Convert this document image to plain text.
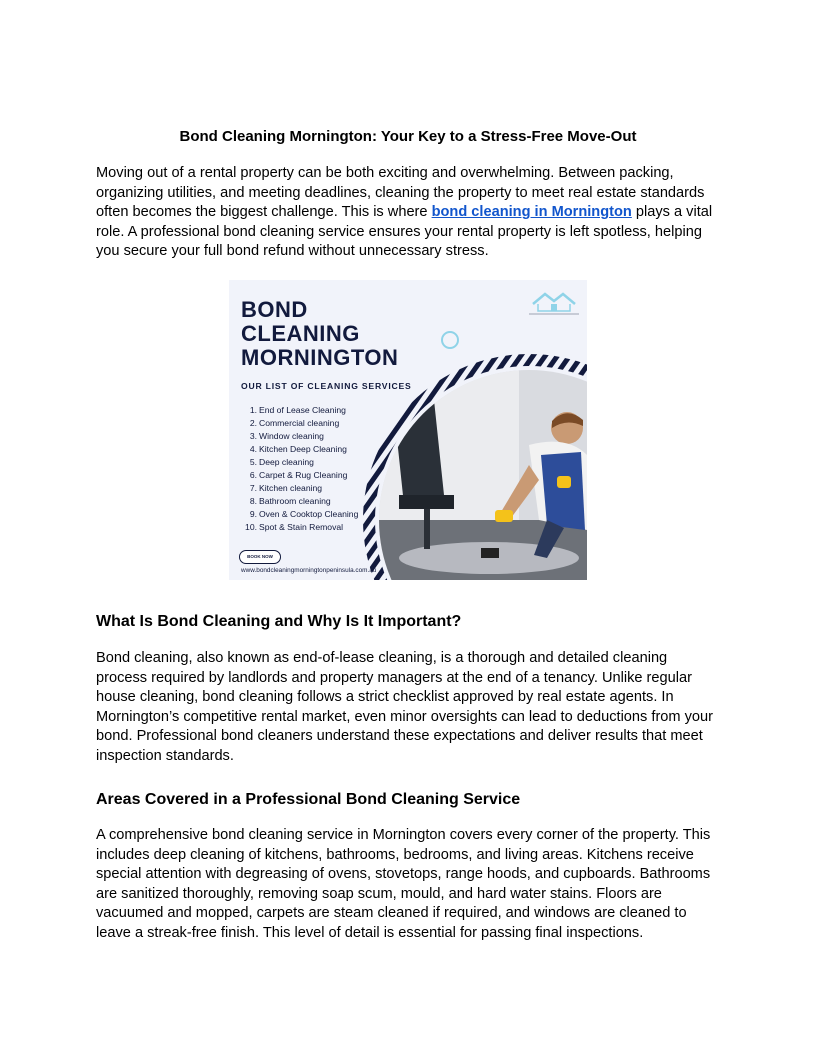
Bond Cleaning Mornington: Your Key to a Stress-Free Move-Out

Moving out of a rental property can be both exciting and overwhelming. Between packing, organizing utilities, and meeting deadlines, cleaning the property to meet real estate standards often becomes the biggest challenge. This is where bond cleaning in Mornington plays a vital role. A professional bond cleaning service ensures your rental property is left spotless, helping you secure your full bond refund without unnecessary stress.

What Is Bond Cleaning and Why Is It Important?

Bond cleaning, also known as end-of-lease cleaning, is a thorough and detailed cleaning process required by landlords and property managers at the end of a tenancy. Unlike regular house cleaning, bond cleaning follows a strict checklist approved by real estate agents. In Mornington’s competitive rental market, even minor oversights can lead to deductions from your bond. Professional bond cleaners understand these expectations and deliver results that meet inspection standards.

Areas Covered in a Professional Bond Cleaning Service

A comprehensive bond cleaning service in Mornington covers every corner of the property. This includes deep cleaning of kitchens, bathrooms, bedrooms, and living areas. Kitchens receive special attention with degreasing of ovens, stovetops, range hoods, and cupboards. Bathrooms are sanitized thoroughly, removing soap scum, mould, and hard water stains. Floors are vacuumed and mopped, carpets are steam cleaned if required, and windows are cleaned to leave a streak-free finish. This level of detail is essential for passing final inspections.

BOND
CLEANING
MORNINGTON
OUR LIST OF CLEANING SERVICES
1. End of Lease Cleaning
2. Commercial cleaning
3. Window cleaning
4. Kitchen Deep Cleaning
5. Deep cleaning
6. Carpet & Rug Cleaning
7. Kitchen cleaning
8. Bathroom cleaning
9. Oven & Cooktop Cleaning
10. Spot & Stain Removal
BOOK NOW
www.bondcleaningmorningtonpeninsula.com.au
